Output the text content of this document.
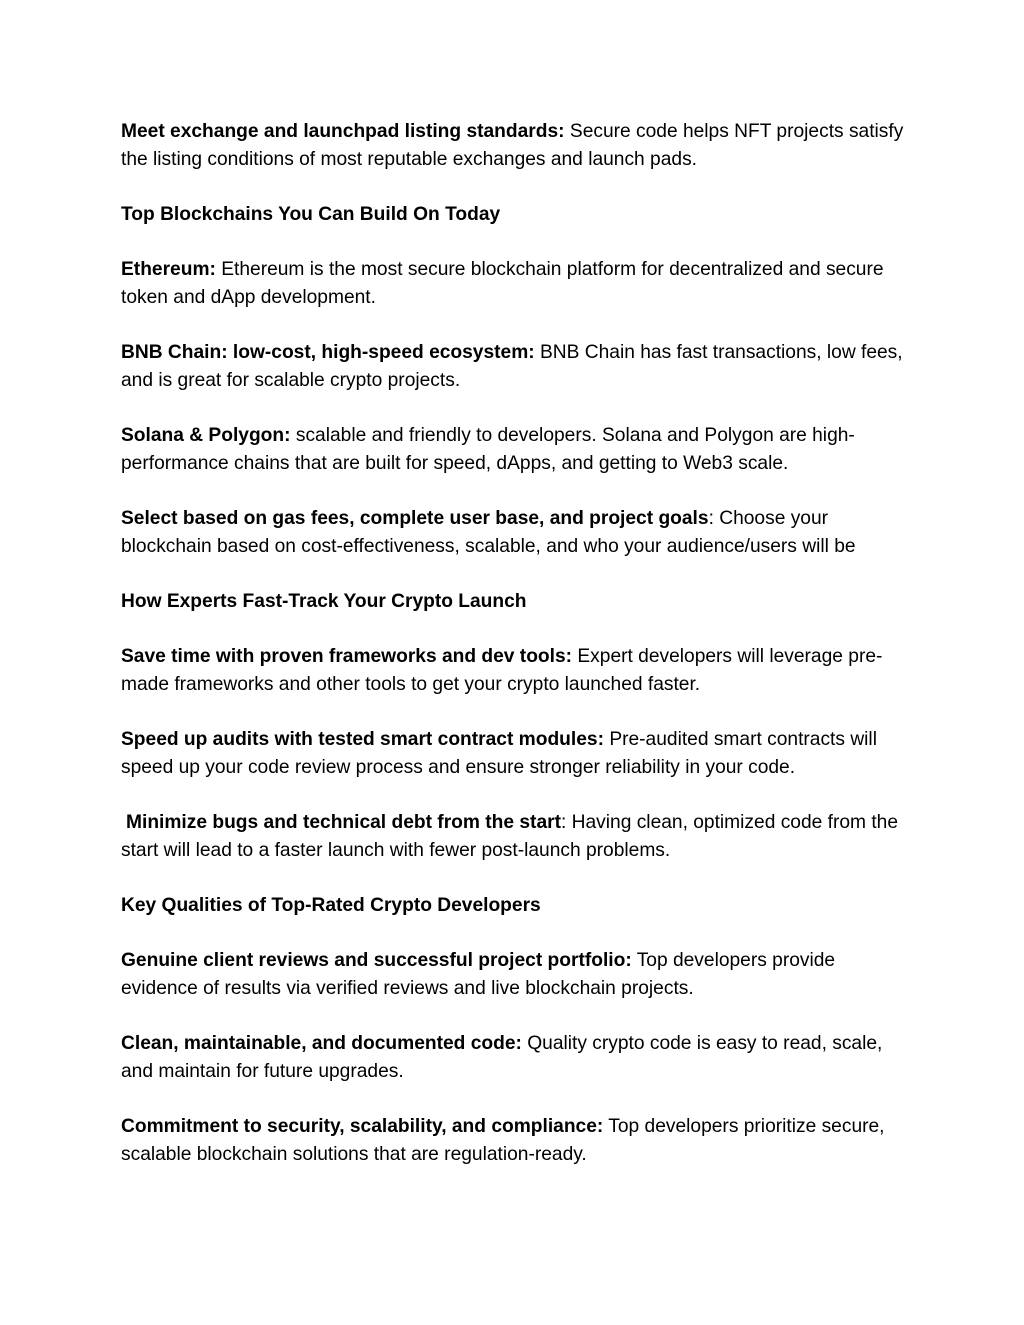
Meet exchange and launchpad listing standards: Secure code helps NFT projects satisfy the listing conditions of most reputable exchanges and launch pads.

Top Blockchains You Can Build On Today

Ethereum: Ethereum is the most secure blockchain platform for decentralized and secure token and dApp development.

BNB Chain: low-cost, high-speed ecosystem: BNB Chain has fast transactions, low fees, and is great for scalable crypto projects.

Solana & Polygon: scalable and friendly to developers. Solana and Polygon are high-performance chains that are built for speed, dApps, and getting to Web3 scale.

Select based on gas fees, complete user base, and project goals: Choose your blockchain based on cost-effectiveness, scalable, and who your audience/users will be

How Experts Fast-Track Your Crypto Launch

Save time with proven frameworks and dev tools: Expert developers will leverage pre-made frameworks and other tools to get your crypto launched faster.

Speed up audits with tested smart contract modules: Pre-audited smart contracts will speed up your code review process and ensure stronger reliability in your code.

Minimize bugs and technical debt from the start: Having clean, optimized code from the start will lead to a faster launch with fewer post-launch problems.

Key Qualities of Top-Rated Crypto Developers

Genuine client reviews and successful project portfolio: Top developers provide evidence of results via verified reviews and live blockchain projects.

Clean, maintainable, and documented code: Quality crypto code is easy to read, scale, and maintain for future upgrades.

Commitment to security, scalability, and compliance: Top developers prioritize secure, scalable blockchain solutions that are regulation-ready.
